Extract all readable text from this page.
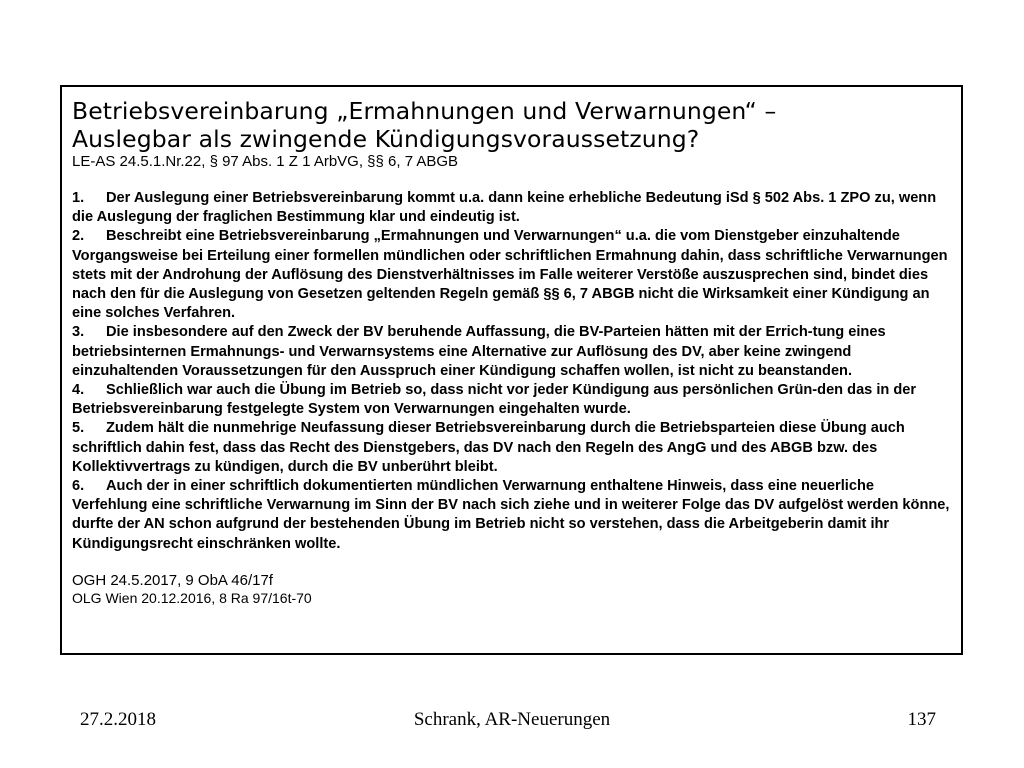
Betriebsvereinbarung „Ermahnungen und Verwarnungen“ –

Auslegbar als zwingende Kündigungsvoraussetzung?

LE-AS 24.5.1.Nr.22, § 97 Abs. 1 Z 1 ArbVG, §§ 6, 7 ABGB

1. Der Auslegung einer Betriebsvereinbarung kommt u.a. dann keine erhebliche Bedeutung iSd § 502 Abs. 1 ZPO zu, wenn die Auslegung der fraglichen Bestimmung klar und eindeutig ist.

2. Beschreibt eine Betriebsvereinbarung „Ermahnungen und Verwarnungen“ u.a. die vom Dienstgeber einzuhaltende Vorgangsweise bei Erteilung einer formellen mündlichen oder schriftlichen Ermahnung dahin, dass schriftliche Verwarnungen stets mit der Androhung der Auflösung des Dienstverhältnisses im Falle weiterer Verstöße auszusprechen sind, bindet dies nach den für die Auslegung von Gesetzen geltenden Regeln gemäß §§ 6, 7 ABGB nicht die Wirksamkeit einer Kündigung an eine solches Verfahren.

3. Die insbesondere auf den Zweck der BV beruhende Auffassung, die BV-Parteien hätten mit der Errich-tung eines betriebsinternen Ermahnungs- und Verwarnsystems eine Alternative zur Auflösung des DV, aber keine zwingend einzuhaltenden Voraussetzungen für den Ausspruch einer Kündigung schaffen wollen, ist nicht zu beanstanden.

4. Schließlich war auch die Übung im Betrieb so, dass nicht vor jeder Kündigung aus persönlichen Grün-den das in der Betriebsvereinbarung festgelegte System von Verwarnungen eingehalten wurde.

5. Zudem hält die nunmehrige Neufassung dieser Betriebsvereinbarung durch die Betriebsparteien diese Übung auch schriftlich dahin fest, dass das Recht des Dienstgebers, das DV nach den Regeln des AngG und des ABGB bzw. des Kollektivvertrags zu kündigen, durch die BV unberührt bleibt.

6. Auch der in einer schriftlich dokumentierten mündlichen Verwarnung enthaltene Hinweis, dass eine neuerliche Verfehlung eine schriftliche Verwarnung im Sinn der BV nach sich ziehe und in weiterer Folge das DV aufgelöst werden könne, durfte der AN schon aufgrund der bestehenden Übung im Betrieb nicht so verstehen, dass die Arbeitgeberin damit ihr Kündigungsrecht einschränken wollte.

OGH 24.5.2017, 9 ObA 46/17f

OLG Wien 20.12.2016, 8 Ra 97/16t-70

27.2.2018	Schrank, AR-Neuerungen	137
